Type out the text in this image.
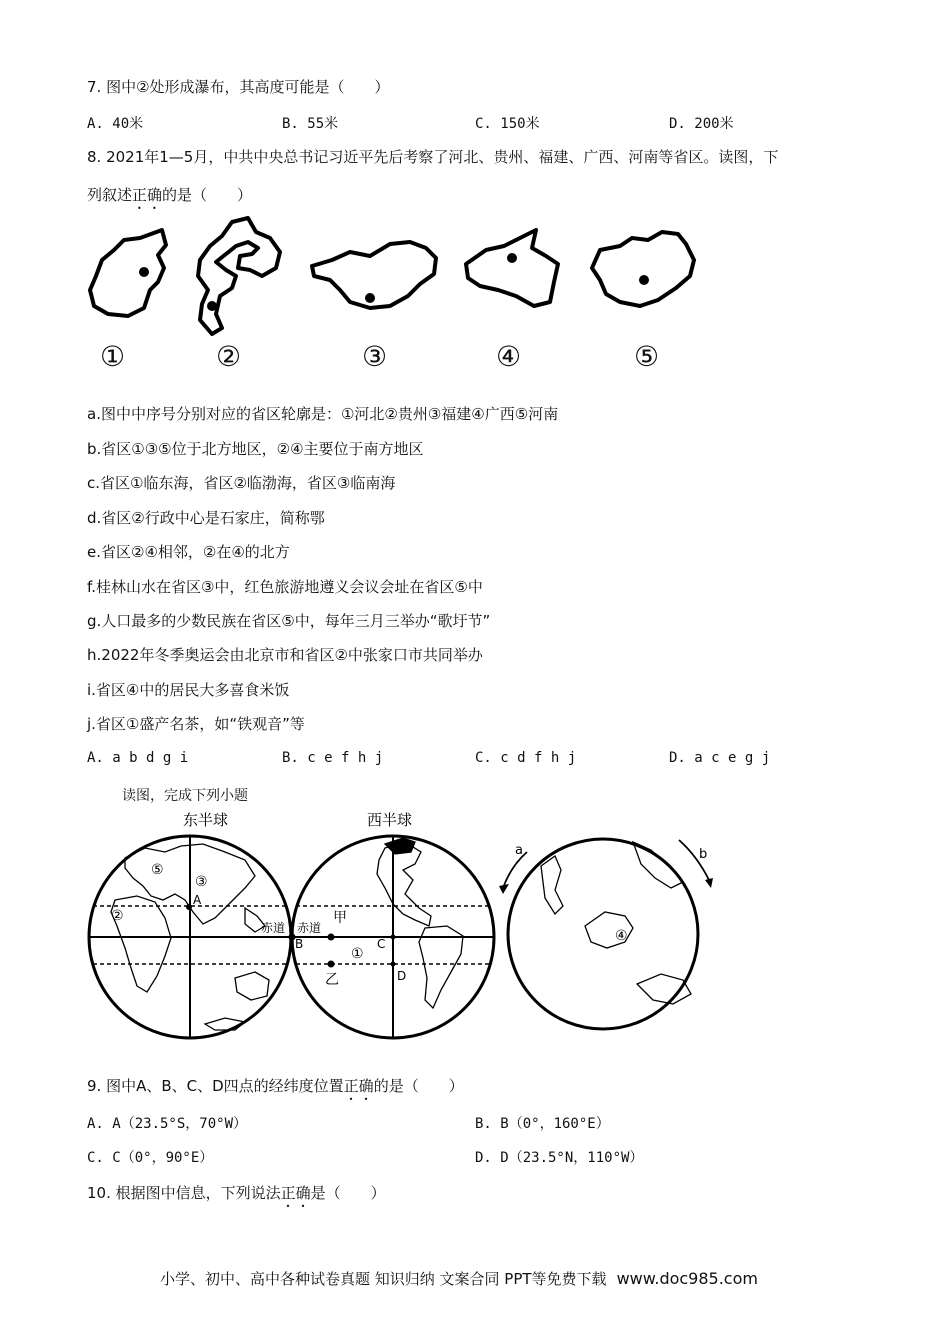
7. 图中②处形成瀑布，其高度可能是（　　）
A. 40米	B. 55米	C. 150米	D. 200米
8. 2021年1—5月，中共中央总书记习近平先后考察了河北、贵州、福建、广西、河南等省区。读图，下
列叙述正确的是（　　）
①	②	③	④	⑤
a.图中中序号分别对应的省区轮廓是：①河北②贵州③福建④广西⑤河南
b.省区①③⑤位于北方地区，②④主要位于南方地区
c.省区①临东海，省区②临渤海，省区③临南海
d.省区②行政中心是石家庄，简称鄂
e.省区②④相邻，②在④的北方
f.桂林山水在省区③中，红色旅游地遵义会议会址在省区⑤中
g.人口最多的少数民族在省区⑤中，每年三月三举办“歌圩节”
h.2022年冬季奥运会由北京市和省区②中张家口市共同举办
i.省区④中的居民大多喜食米饭
j.省区①盛产名茶，如“铁观音”等
A. a b d g i	B. c e f h j	C. c d f h j	D. a c e g j
读图，完成下列小题
东半球
⑤
③
②
A
赤道
西半球
赤道
甲
B
①
乙
C
D
a	b
④
9. 图中A、B、C、D四点的经纬度位置正确的是（　　）
A. A（23.5°S，70°W）	B. B（0°，160°E）
C. C（0°，90°E）	D. D（23.5°N，110°W）
10. 根据图中信息，下列说法正确是（　　）
小学、初中、高中各种试卷真题 知识归纳 文案合同 PPT等免费下载 www.doc985.com
